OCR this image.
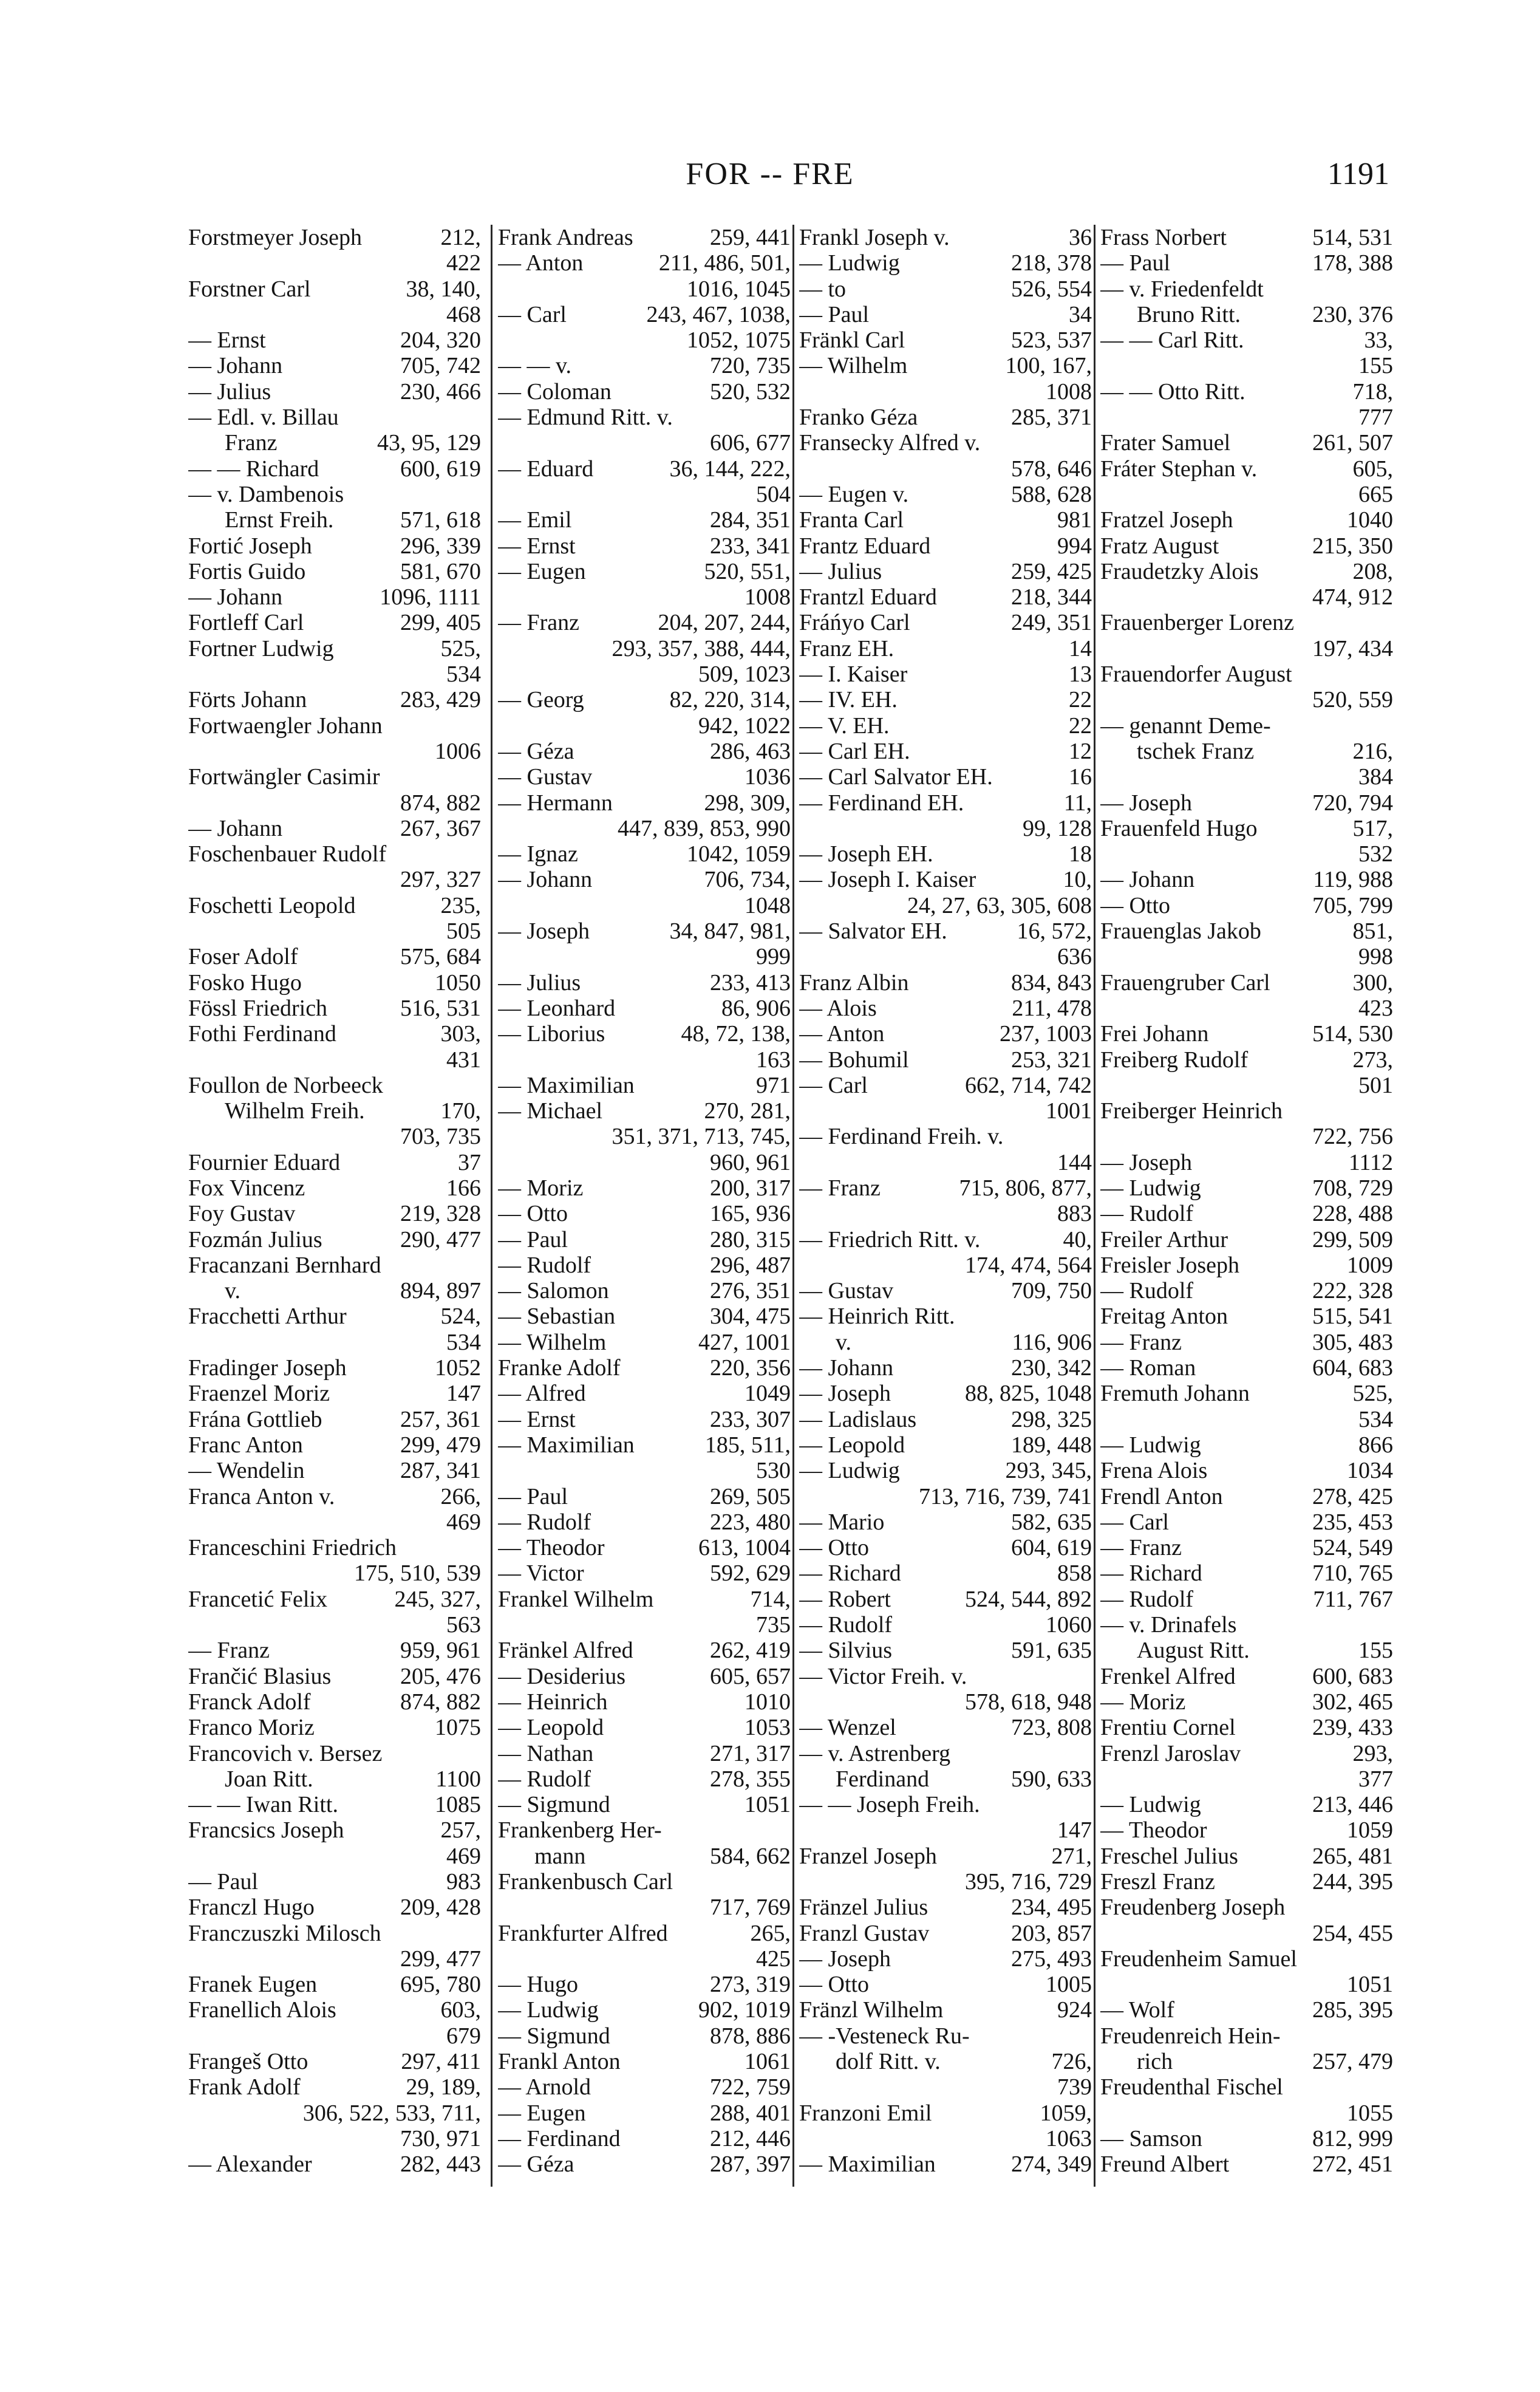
FOR -- FRE	1191
Forstmeyer Joseph	212,
422
Forstner Carl	38, 140,
468
— Ernst	204, 320
— Johann	705, 742
— Julius	230, 466
— Edl. v. Billau
Franz	43, 95, 129
— — Richard	600, 619
— v. Dambenois
Ernst Freih.	571, 618
Fortić Joseph	296, 339
Fortis Guido	581, 670
— Johann	1096, 1111
Fortleff Carl	299, 405
Fortner Ludwig	525,
534
Förts Johann	283, 429
Fortwaengler Johann
1006
Fortwängler Casimir
874, 882
— Johann	267, 367
Foschenbauer Rudolf
297, 327
Foschetti Leopold	235,
505
Foser Adolf	575, 684
Fosko Hugo	1050
Fössl Friedrich	516, 531
Fothi Ferdinand	303,
431
Foullon de Norbeeck
Wilhelm Freih.	170,
703, 735
Fournier Eduard	37
Fox Vincenz	166
Foy Gustav	219, 328
Fozmán Julius	290, 477
Fracanzani Bernhard
v.	894, 897
Fracchetti Arthur	524,
534
Fradinger Joseph	1052
Fraenzel Moriz	147
Frána Gottlieb	257, 361
Franc Anton	299, 479
— Wendelin	287, 341
Franca Anton v.	266,
469
Franceschini Friedrich
175, 510, 539
Francetić Felix	245, 327,
563
— Franz	959, 961
Frančić Blasius	205, 476
Franck Adolf	874, 882
Franco Moriz	1075
Francovich v. Bersez
Joan Ritt.	1100
— — Iwan Ritt.	1085
Francsics Joseph	257,
469
— Paul	983
Franczl Hugo	209, 428
Franczuszki Milosch
299, 477
Franek Eugen	695, 780
Franellich Alois	603,
679
Frangeš Otto	297, 411
Frank Adolf	29, 189,
306, 522, 533, 711,
730, 971
— Alexander	282, 443
Frank Andreas	259, 441
— Anton	211, 486, 501,
1016, 1045
— Carl	243, 467, 1038,
1052, 1075
— — v.	720, 735
— Coloman	520, 532
— Edmund Ritt. v.
606, 677
— Eduard	36, 144, 222,
504
— Emil	284, 351
— Ernst	233, 341
— Eugen	520, 551,
1008
— Franz	204, 207, 244,
293, 357, 388, 444,
509, 1023
— Georg	82, 220, 314,
942, 1022
— Géza	286, 463
— Gustav	1036
— Hermann	298, 309,
447, 839, 853, 990
— Ignaz	1042, 1059
— Johann	706, 734,
1048
— Joseph	34, 847, 981,
999
— Julius	233, 413
— Leonhard	86, 906
— Liborius	48, 72, 138,
163
— Maximilian	971
— Michael	270, 281,
351, 371, 713, 745,
960, 961
— Moriz	200, 317
— Otto	165, 936
— Paul	280, 315
— Rudolf	296, 487
— Salomon	276, 351
— Sebastian	304, 475
— Wilhelm	427, 1001
Franke Adolf	220, 356
— Alfred	1049
— Ernst	233, 307
— Maximilian	185, 511,
530
— Paul	269, 505
— Rudolf	223, 480
— Theodor	613, 1004
— Victor	592, 629
Frankel Wilhelm	714,
735
Fränkel Alfred	262, 419
— Desiderius	605, 657
— Heinrich	1010
— Leopold	1053
— Nathan	271, 317
— Rudolf	278, 355
— Sigmund	1051
Frankenberg Her-
mann	584, 662
Frankenbusch Carl
717, 769
Frankfurter Alfred	265,
425
— Hugo	273, 319
— Ludwig	902, 1019
— Sigmund	878, 886
Frankl Anton	1061
— Arnold	722, 759
— Eugen	288, 401
— Ferdinand	212, 446
— Géza	287, 397
Frankl Joseph v.	36
— Ludwig	218, 378
— to	526, 554
— Paul	34
Fränkl Carl	523, 537
— Wilhelm	100, 167,
1008
Franko Géza	285, 371
Fransecky Alfred v.
578, 646
— Eugen v.	588, 628
Franta Carl	981
Frantz Eduard	994
— Julius	259, 425
Frantzl Eduard	218, 344
Fráńyo Carl	249, 351
Franz EH.	14
— I. Kaiser	13
— IV. EH.	22
— V. EH.	22
— Carl EH.	12
— Carl Salvator EH.	16
— Ferdinand EH.	11,
99, 128
— Joseph EH.	18
— Joseph I. Kaiser	10,
24, 27, 63, 305, 608
— Salvator EH.	16, 572,
636
Franz Albin	834, 843
— Alois	211, 478
— Anton	237, 1003
— Bohumil	253, 321
— Carl	662, 714, 742
1001
— Ferdinand Freih. v.
144
— Franz	715, 806, 877,
883
— Friedrich Ritt. v.	40,
174, 474, 564
— Gustav	709, 750
— Heinrich Ritt.
v.	116, 906
— Johann	230, 342
— Joseph	88, 825, 1048
— Ladislaus	298, 325
— Leopold	189, 448
— Ludwig	293, 345,
713, 716, 739, 741
— Mario	582, 635
— Otto	604, 619
— Richard	858
— Robert	524, 544, 892
— Rudolf	1060
— Silvius	591, 635
— Victor Freih. v.
578, 618, 948
— Wenzel	723, 808
— v. Astrenberg
Ferdinand	590, 633
— — Joseph Freih.
147
Franzel Joseph	271,
395, 716, 729
Fränzel Julius	234, 495
Franzl Gustav	203, 857
— Joseph	275, 493
— Otto	1005
Fränzl Wilhelm	924
— -Vesteneck Ru-
dolf Ritt. v.	726,
739
Franzoni Emil	1059,
1063
— Maximilian	274, 349
Frass Norbert	514, 531
— Paul	178, 388
— v. Friedenfeldt
Bruno Ritt.	230, 376
— — Carl Ritt.	33,
155
— — Otto Ritt.	718,
777
Frater Samuel	261, 507
Fráter Stephan v.	605,
665
Fratzel Joseph	1040
Fratz August	215, 350
Fraudetzky Alois	208,
474, 912
Frauenberger Lorenz
197, 434
Frauendorfer August
520, 559
— genannt Deme-
tschek Franz	216,
384
— Joseph	720, 794
Frauenfeld Hugo	517,
532
— Johann	119, 988
— Otto	705, 799
Frauenglas Jakob	851,
998
Frauengruber Carl	300,
423
Frei Johann	514, 530
Freiberg Rudolf	273,
501
Freiberger Heinrich
722, 756
— Joseph	1112
— Ludwig	708, 729
— Rudolf	228, 488
Freiler Arthur	299, 509
Freisler Joseph	1009
— Rudolf	222, 328
Freitag Anton	515, 541
— Franz	305, 483
— Roman	604, 683
Fremuth Johann	525,
534
— Ludwig	866
Frena Alois	1034
Frendl Anton	278, 425
— Carl	235, 453
— Franz	524, 549
— Richard	710, 765
— Rudolf	711, 767
— v. Drinafels
August Ritt.	155
Frenkel Alfred	600, 683
— Moriz	302, 465
Frentiu Cornel	239, 433
Frenzl Jaroslav	293,
377
— Ludwig	213, 446
— Theodor	1059
Freschel Julius	265, 481
Freszl Franz	244, 395
Freudenberg Joseph
254, 455
Freudenheim Samuel
1051
— Wolf	285, 395
Freudenreich Hein-
rich	257, 479
Freudenthal Fischel
1055
— Samson	812, 999
Freund Albert	272, 451
